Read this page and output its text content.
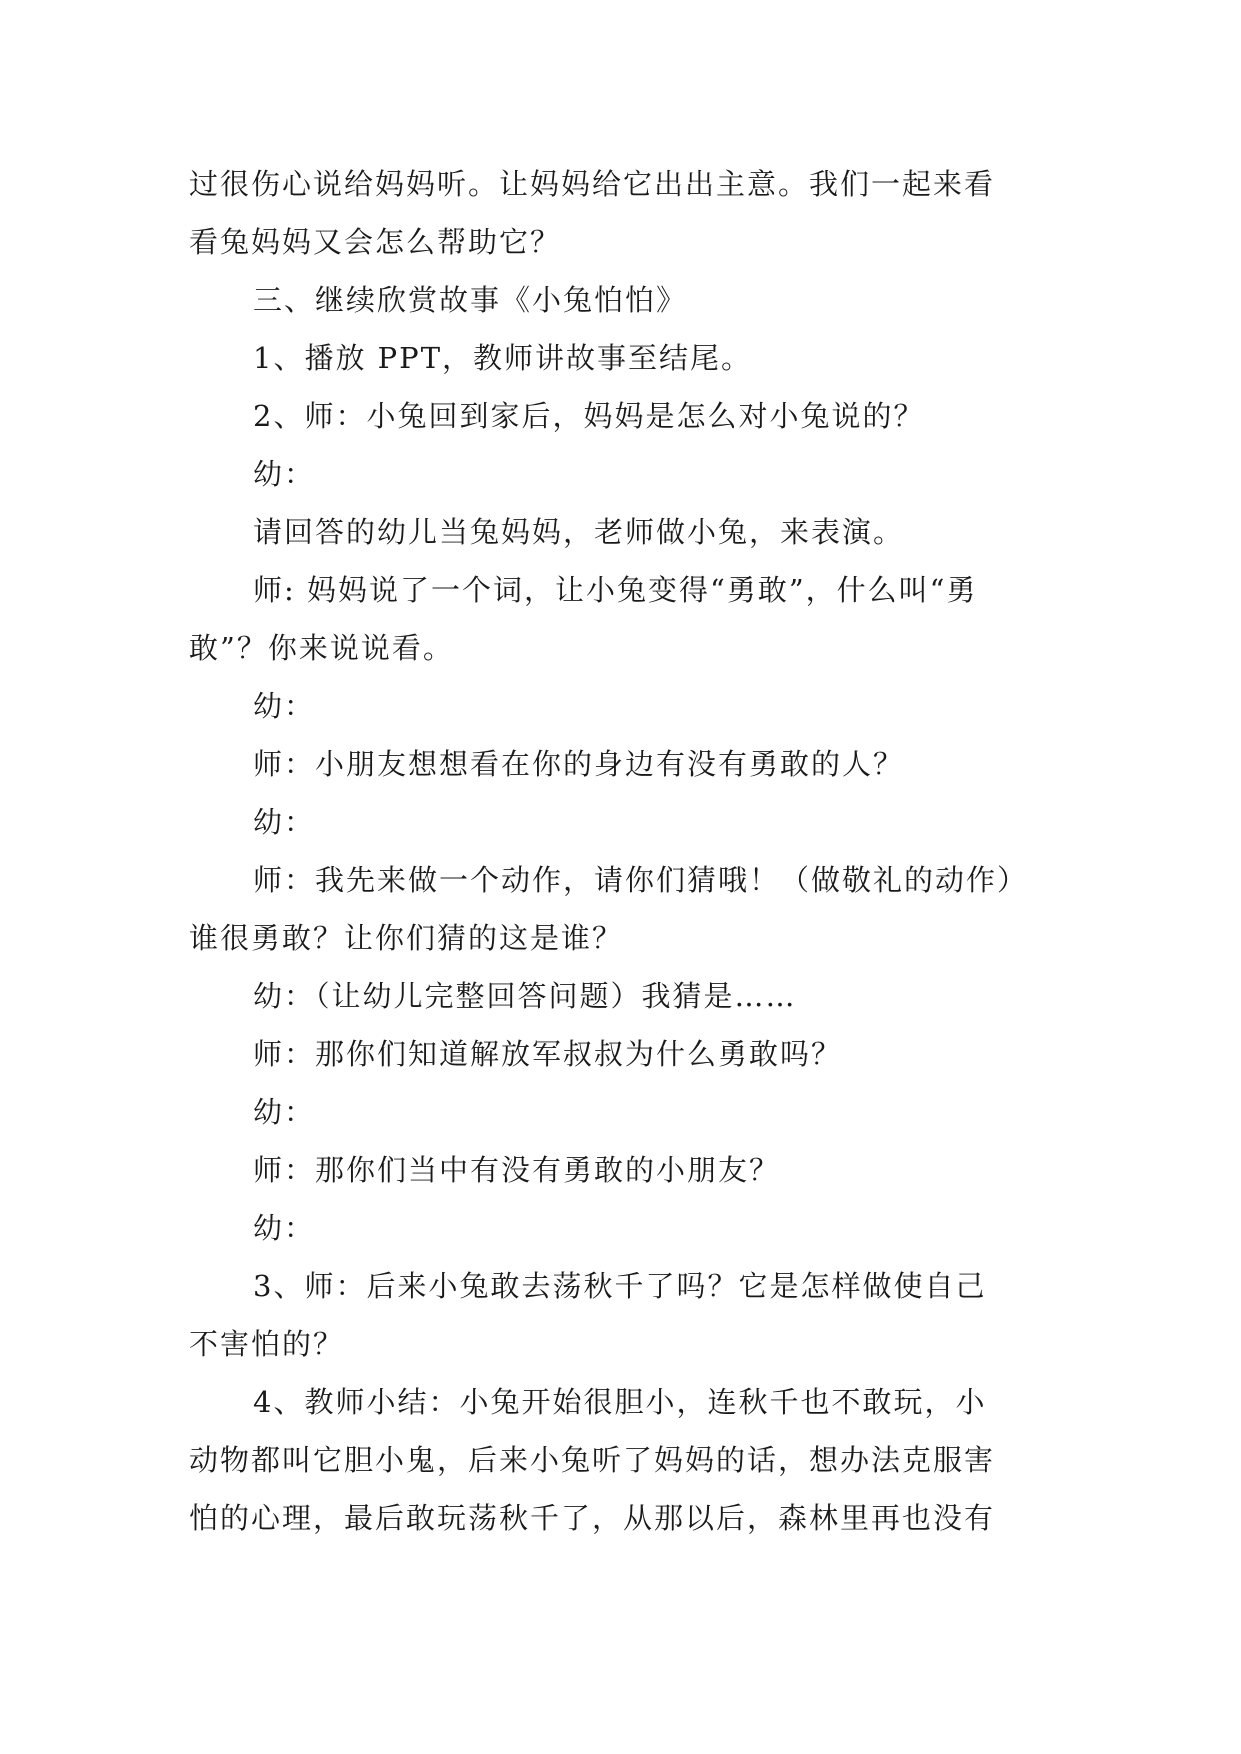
过很伤心说给妈妈听。让妈妈给它出出主意。我们一起来看
看兔妈妈又会怎么帮助它？
三、继续欣赏故事《小兔怕怕》
1、播放 PPT，教师讲故事至结尾。
2、师：小兔回到家后，妈妈是怎么对小兔说的？
幼：
请回答的幼儿当兔妈妈，老师做小兔，来表演。
师: 妈妈说了一个词，让小兔变得“勇敢”，什么叫“勇
敢”？你来说说看。
幼：
师：小朋友想想看在你的身边有没有勇敢的人？
幼：
师：我先来做一个动作，请你们猜哦！（做敬礼的动作）
谁很勇敢？让你们猜的这是谁？
幼：（让幼儿完整回答问题）我猜是……
师：那你们知道解放军叔叔为什么勇敢吗？
幼：
师：那你们当中有没有勇敢的小朋友？
幼：
3、师：后来小兔敢去荡秋千了吗？它是怎样做使自己
不害怕的？
4、教师小结：小兔开始很胆小，连秋千也不敢玩，小
动物都叫它胆小鬼，后来小兔听了妈妈的话，想办法克服害
怕的心理，最后敢玩荡秋千了，从那以后，森林里再也没有
